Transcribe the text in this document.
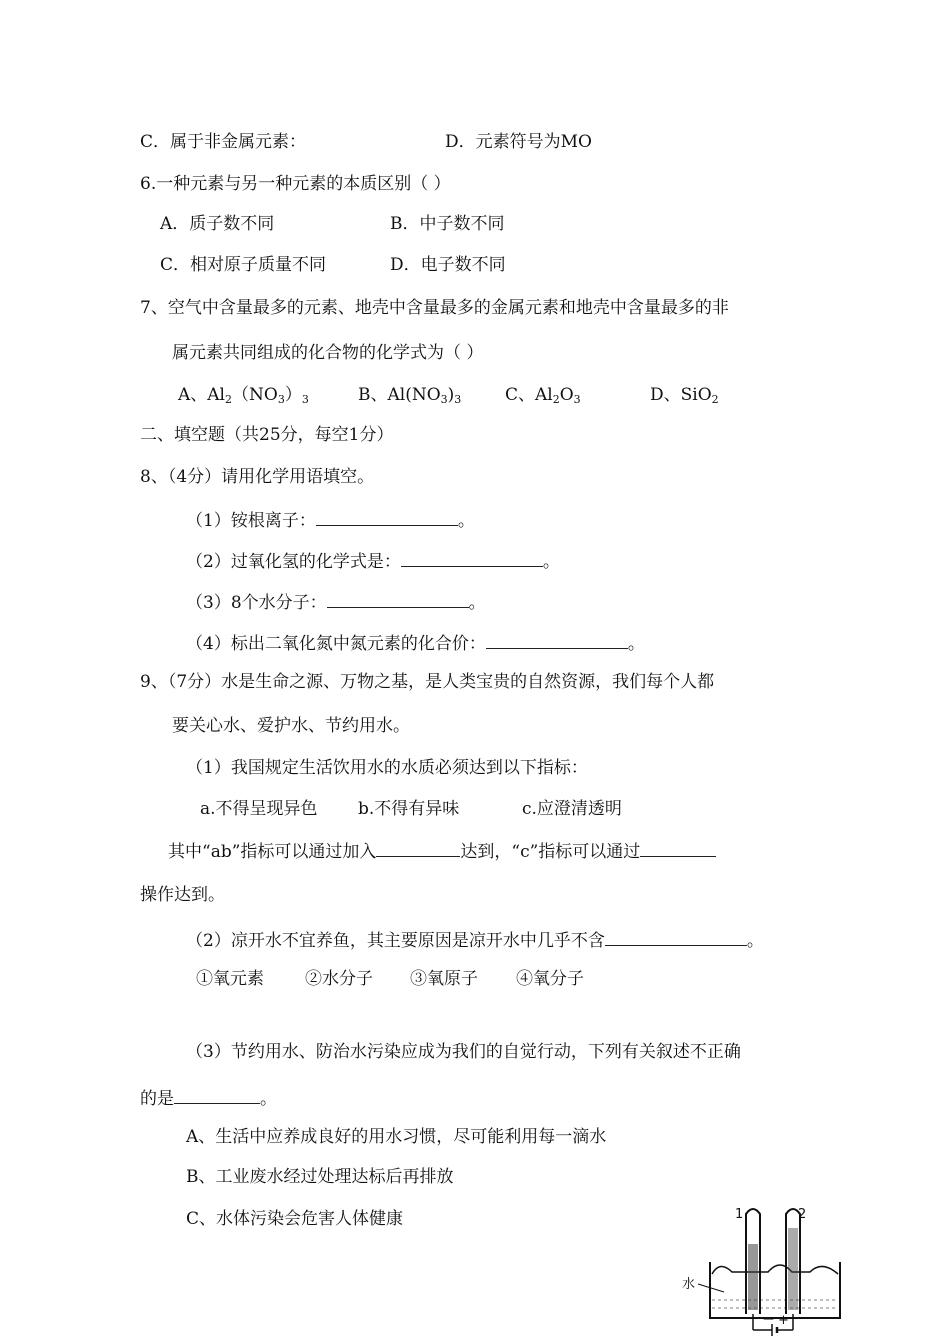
C．属于非金属元素：	D．元素符号为MO
6.一种元素与另一种元素的本质区别（ ）
A．质子数不同	B．中子数不同
C．相对原子质量不同	D．电子数不同
7、空气中含量最多的元素、地壳中含量最多的金属元素和地壳中含量最多的非
属元素共同组成的化合物的化学式为（ ）
A、$Al_2(NO_3)_3$	B、$Al(NO_3)_3$	C、$Al_2O_3$	D、SiO$_2$
二、填空题（共25分，每空1分）
8、（4分）请用化学用语填空。
（1）铵根离子：	。
（2）过氧化氢的化学式是：	。
（3）8个水分子：	。
（4）标出二氧化氮中氮元素的化合价：	。
9、（7分）水是生命之源、万物之基，是人类宝贵的自然资源，我们每个人都
要关心水、爱护水、节约用水。
（1）我国规定生活饮用水的水质必须达到以下指标：
a.不得呈现异色 b.不得有异味	c.应澄清透明
其中“ab”指标可以通过加入	达到，“c”指标可以通过
操作达到。
（2）凉开水不宜养鱼，其主要原因是凉开水中几乎不含	。
①氧元素 ②水分子 ③氧原子 ④氧分子
（3）节约用水、防治水污染应成为我们的自觉行动，下列有关叙述不正确
的是	。
A、生活中应养成良好的用水习惯，尽可能利用每一滴水
B、工业废水经过处理达标后再排放
C、水体污染会危害人体健康	1	2
水
－ +
